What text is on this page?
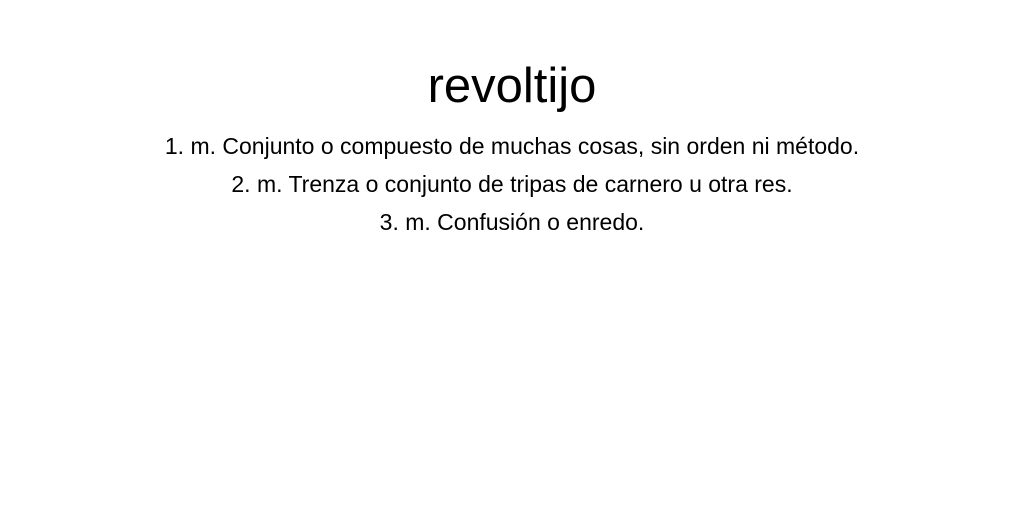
revoltijo
1. m. Conjunto o compuesto de muchas cosas, sin orden ni método.
2. m. Trenza o conjunto de tripas de carnero u otra res.
3. m. Confusión o enredo.
